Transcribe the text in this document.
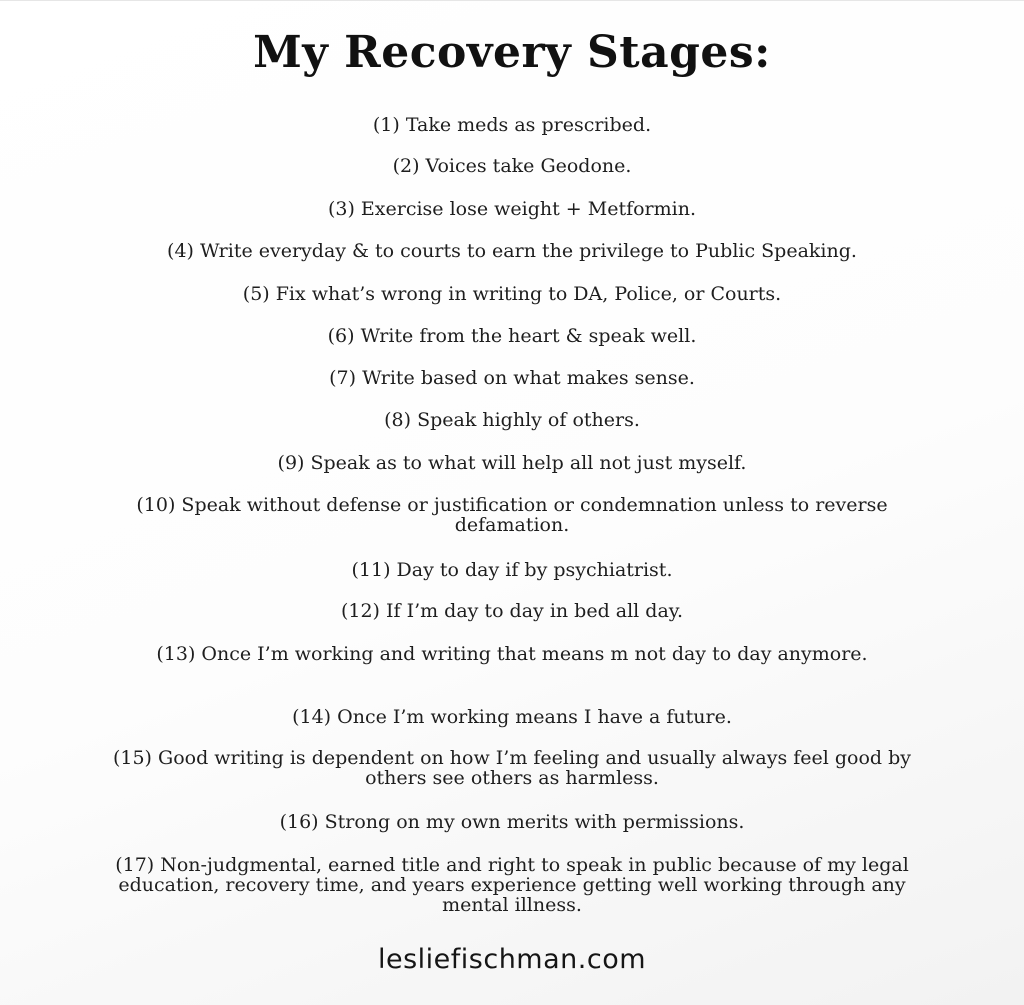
My Recovery Stages:

(1) Take meds as prescribed.

(2) Voices take Geodone.

(3) Exercise lose weight + Metformin.

(4) Write everyday & to courts to earn the privilege to Public Speaking.

(5) Fix what’s wrong in writing to DA, Police, or Courts.

(6) Write from the heart & speak well.

(7) Write based on what makes sense.

(8) Speak highly of others.

(9) Speak as to what will help all not just myself.

(10) Speak without defense or justification or condemnation unless to reverse defamation.

(11) Day to day if by psychiatrist.

(12) If I’m day to day in bed all day.

(13) Once I’m working and writing that means m not day to day anymore.

(14) Once I’m working means I have a future.

(15) Good writing is dependent on how I’m feeling and usually always feel good by others see others as harmless.

(16) Strong on my own merits with permissions.

(17) Non-judgmental, earned title and right to speak in public because of my legal education, recovery time, and years experience getting well working through any mental illness.

lesliefischman.com
